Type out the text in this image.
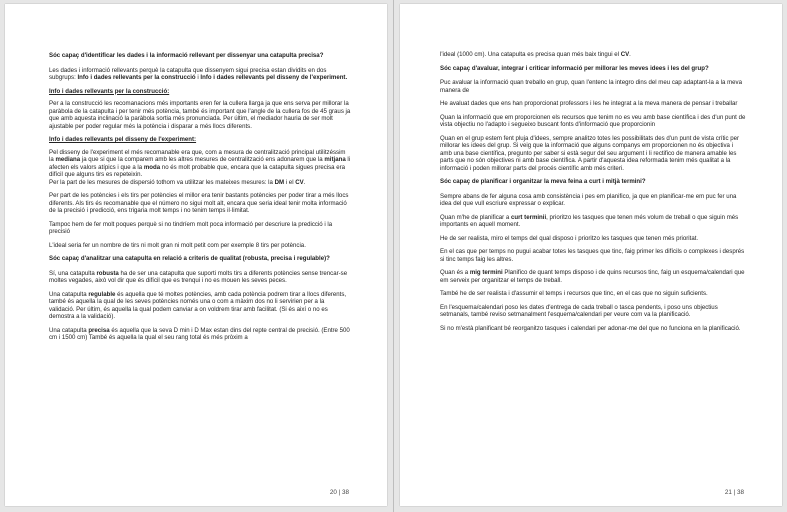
Sóc capaç d'identificar les dades i la informació rellevant per dissenyar una catapulta precisa?
Les dades i informació rellevants perquè la catapulta que dissenyem sigui precisa estan dividits en dos subgrups: Info i dades rellevants per la construcció i Info i dades rellevants pel disseny de l'experiment.
Info i dades rellevants per la construcció:
Per a la construcció les recomanacions més importants eren fer la cullera llarga ja que ens serva per millorar la paràbola de la catapulta i per tenir més potència, també és important que l'angle de la cullera fos de 45 graus ja que amb aquesta inclinació la paràbola sortia més pronunciada. Per últim, el mediador hauria de ser molt ajustable per poder regular més la potència i disparar a més llocs diferents.
Info i dades rellevants pel disseny de l'experiment:
Pel disseny de l'experiment el més recomanable era que, com a mesura de centralització principal utilitzéssim la mediana ja que si que la comparem amb les altres mesures de centralització ens adonarem que la mitjana li afecten els valors atípics i que a la moda no és molt probable que, encara que la catapulta sigues precisa era difícil que alguns tirs es repeteixin.
Per la part de les mesures de dispersió tothom va utilitzar les mateixes mesures: la DM i el CV.
Per part de les potències i els tirs per potències el millor era tenir bastants potències per poder tirar a més llocs diferents. Als tirs és recomanable que el número no sigui molt alt, encara que seria ideal tenir molta informació de la precisió i predicció, ens trigaria molt temps i no tenim temps il·limitat.
Tampoc hem de fer molt poques perquè si no tindríem molt poca informació per descriure la predicció i la precisió
L'ideal seria fer un nombre de tirs ni molt gran ni molt petit com per exemple 8 tirs per potència.
Sóc capaç d'analitzar una catapulta en relació a criteris de qualitat (robusta, precisa i regulable)?
Sí, una catapulta robusta ha de ser una catapulta que suporti molts tirs a diferents potències sense trencar-se moltes vegades, això vol dir que és difícil que es trenqui i no es mouen les seves peces.
Una catapulta regulable és aquella que té moltes potències, amb cada potència podrem tirar a llocs diferents, també és aquella la qual de les seves potències només una o com a màxim dos no li servirien per a la validació. Per últim, és aquella la qual podem canviar a on voldrem tirar amb facilitat. (Si és així o no es demostra a la validació).
Una catapulta precisa és aquella que la seva D min i D Max estan dins del repte central de precisió. (Entre 500 cm i 1500 cm) També és aquella la qual el seu rang total és més pròxim a
20 | 38
l'ideal (1000 cm). Una catapulta es precisa quan més baix tingui el CV.
Sóc capaç d'avaluar, integrar i criticar informació per millorar les meves idees i les del grup?
Puc avaluar la informació quan treballo en grup, quan l'entenc la integro dins del meu cap adaptant-la a la meva manera de
He avaluat dades que ens han proporcionat professors i les he integrat a la meva manera de pensar i treballar
Quan la informació que em proporcionen els recursos que tenim no es veu amb base científica i des d'un punt de vista objectiu no l'adapto i segueixo buscant fonts d'informació que proporcionin
Quan en el grup estem fent pluja d'idees, sempre analitzo totes les possibilitats des d'un punt de vista crític per millorar les idees del grup. Si veig que la informació que alguns companys em proporcionen no és objectiva i amb una base científica, pregunto per saber si està segur del seu argument i li rectifico de manera amable les parts que no són objectives ni amb base científica. A partir d'aquesta idea reformada tenim més qualitat a la informació i poden millorar parts del procés científic amb més criteri.
Sóc capaç de planificar i organitzar la meva feina a curt i mitjà termini?
Sempre abans de fer alguna cosa amb consistència i pes em planifico, ja que en planificar-me em puc fer una idea del que vull escriure expressar o explicar.
Quan m'he de planificar a curt terminii, prioritzo les tasques que tenen més volum de treball o que siguin més importants en aquell moment.
He de ser realista, miro el temps del qual disposo i prioritzo les tasques que tenen més prioritat.
En el cas que per temps no pugui acabar totes les tasques que tinc, faig primer les difícils o complexes i després si tinc temps faig les altres.
Quan és a mig termini Planifico de quant temps disposo i de quins recursos tinc, faig un esquema/calendari que em serveix per organitzar el temps de treball.
També he de ser realista i d'assumir el temps i recursos que tinc, en el cas que no siguin suficients.
En l'esquema/calendari poso les dates d'entrega de cada treball o tasca pendents, i poso uns objectius setmanals, també reviso setmanalment l'esquema/calendari per veure com va la planificació.
Si no m'està planificant bé reorganitzo tasques i calendari per adonar-me del que no funciona en la planificació.
21 | 38
